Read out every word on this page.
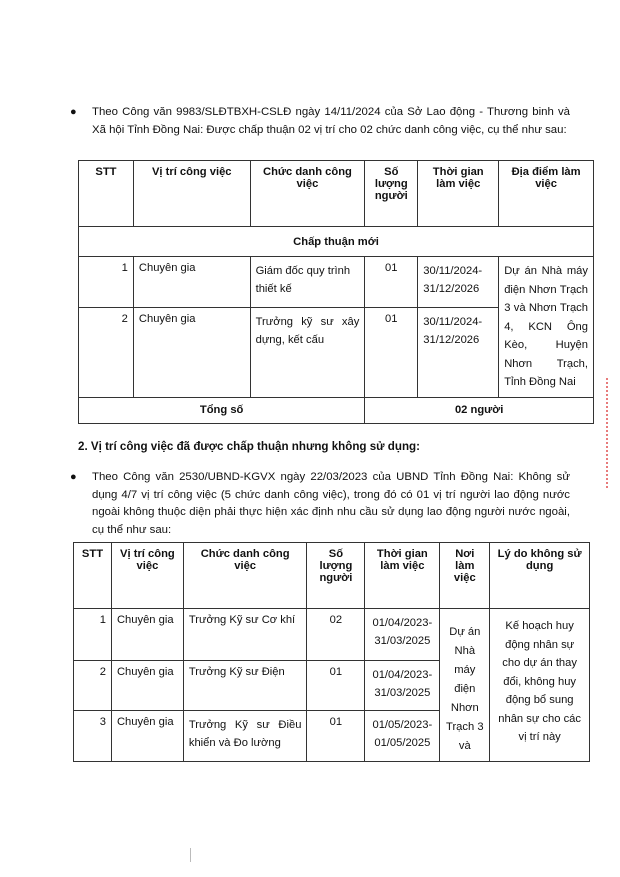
●	Theo Công văn 9983/SLĐTBXH-CSLĐ ngày 14/11/2024 của Sở Lao động - Thương binh và Xã hội Tỉnh Đồng Nai: Được chấp thuận 02 vị trí cho 02 chức danh công việc, cụ thể như sau:

STT	Vị trí công việc	Chức danh công việc	Số lượng người	Thời gian làm việc	Địa điểm làm việc
Chấp thuận mới					
1	Chuyên gia	Giám đốc quy trình thiết kế	01	30/11/2024-31/12/2026	Dự án Nhà máy điện Nhơn Trạch 3 và Nhơn Trạch 4, KCN Ông Kèo, Huyện Nhơn Trạch, Tỉnh Đồng Nai
2	Chuyên gia	Trưởng kỹ sư xây dựng, kết cấu	01	30/11/2024-31/12/2026	
Tổng số			02 người		
2. Vị trí công việc đã được chấp thuận nhưng không sử dụng:
●	Theo Công văn 2530/UBND-KGVX ngày 22/03/2023 của UBND Tỉnh Đồng Nai: Không sử dụng 4/7 vị trí công việc (5 chức danh công việc), trong đó có 01 vị trí người lao động nước ngoài không thuộc diện phải thực hiện xác định nhu cầu sử dụng lao động người nước ngoài, cụ thể như sau:

STT	Vị trí công việc	Chức danh công việc	Số lượng người	Thời gian làm việc	Nơi làm việc	Lý do không sử dụng
1	Chuyên gia	Trưởng Kỹ sư Cơ khí	02	01/04/2023-31/03/2025	Dự án Nhà máy điện Nhơn Trạch 3 và	Kế hoạch huy động nhân sự cho dự án thay đổi, không huy động bổ sung nhân sự cho các vị trí này
2	Chuyên gia	Trưởng Kỹ sư Điện	01	01/04/2023-31/03/2025		
3	Chuyên gia	Trưởng Kỹ sư Điều khiển và Đo lường	01	01/05/2023-01/05/2025		
